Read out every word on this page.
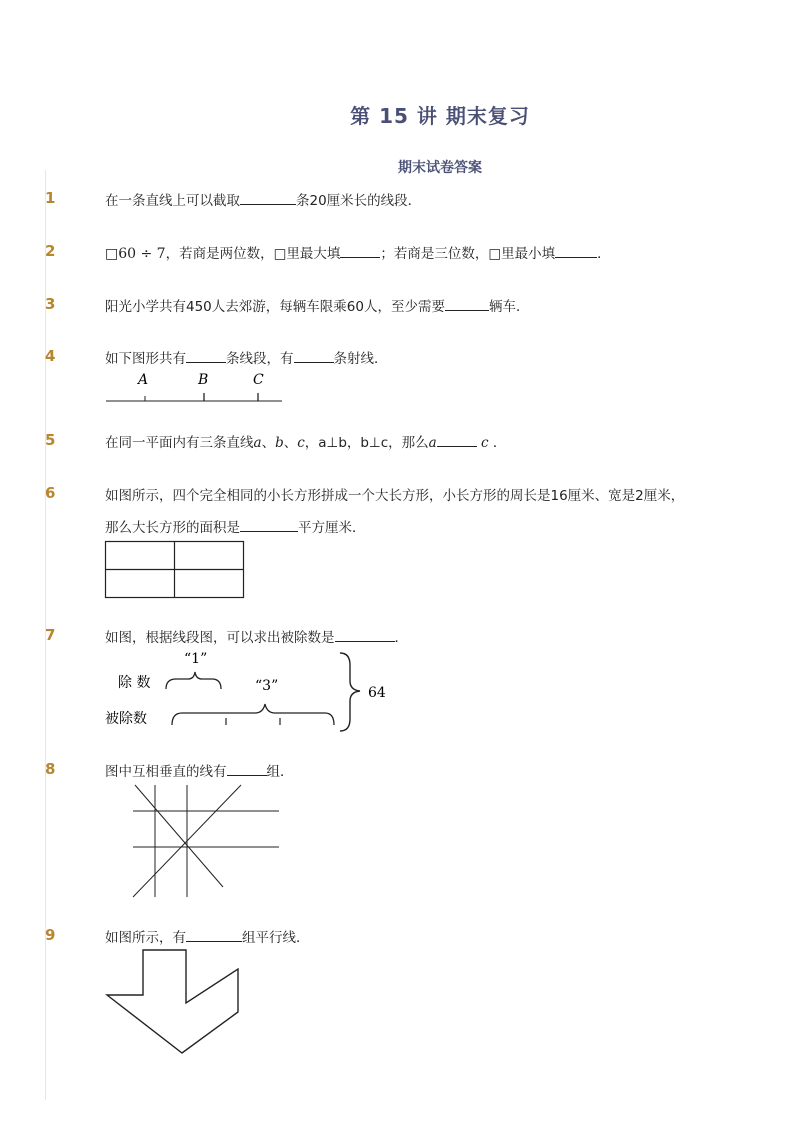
第 15 讲 期末复习
期末试卷答案
1	在一条直线上可以截取	条20厘米长的线段．
2	□60 ÷ 7，若商是两位数，□里最大填	；若商是三位数，□里最小填	．
3	阳光小学共有450人去郊游，每辆车限乘60人，至少需要	辆车．
4	如下图形共有	条线段，有	条射线．
A	B	C
5	在同一平面内有三条直线a、b、c，a⊥b，b⊥c，那么a	c ．
6	如图所示，四个完全相同的小长方形拼成一个大长方形，小长方形的周长是16厘米、宽是2厘米，
那么大长方形的面积是	平方厘米．
7	如图，根据线段图，可以求出被除数是	．
除 数
被除数
“1”
“3”	64
8	图中互相垂直的线有	组．
9	如图所示，有	组平行线．
